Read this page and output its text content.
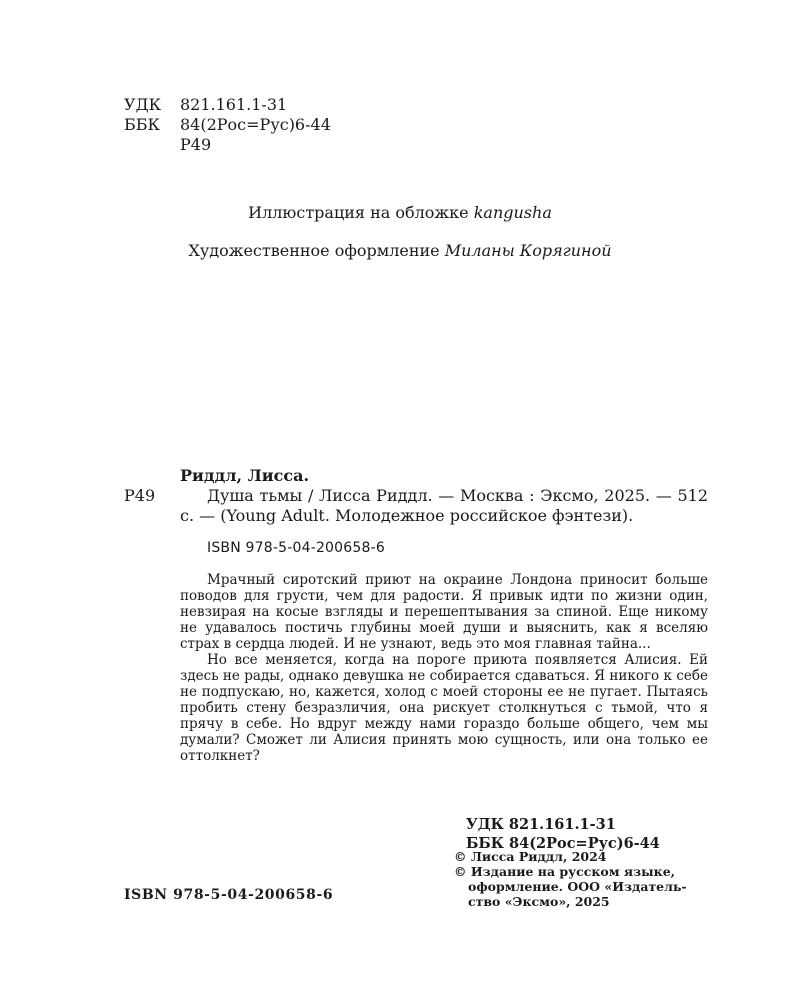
УДК	821.161.1-31
ББК	84(2Рос=Рус)6-44
Р49
Иллюстрация на обложке kangusha
Художественное оформление Миланы Корягиной
Р49
Риддл, Лисса.
Душа тьмы / Лисса Риддл. — Москва : Эксмо, 2025. — 512 с. — (Young Adult. Молодежное российское фэнтези).
ISBN 978-5-04-200658-6

Мрачный сиротский приют на окраине Лондона приносит больше поводов для грусти, чем для радости. Я привык идти по жизни один, невзирая на косые взгляды и перешептывания за спиной. Еще никому не удавалось постичь глубины моей души и выяснить, как я вселяю страх в сердца людей. И не узнают, ведь это моя главная тайна...

Но все меняется, когда на пороге приюта появляется Алисия. Ей здесь не рады, однако девушка не собирается сдаваться. Я никого к себе не подпускаю, но, кажется, холод с моей стороны ее не пугает. Пытаясь пробить стену безразличия, она рискует столкнуться с тьмой, что я прячу в себе. Но вдруг между нами гораздо больше общего, чем мы думали? Сможет ли Алисия принять мою сущность, или она только ее оттолкнет?

УДК 821.161.1-31
ББК 84(2Рос=Рус)6-44
© Лисса Риддл, 2024
© Издание на русском языке,
оформление. ООО «Издатель-
ство «Эксмо», 2025
ISBN 978-5-04-200658-6
